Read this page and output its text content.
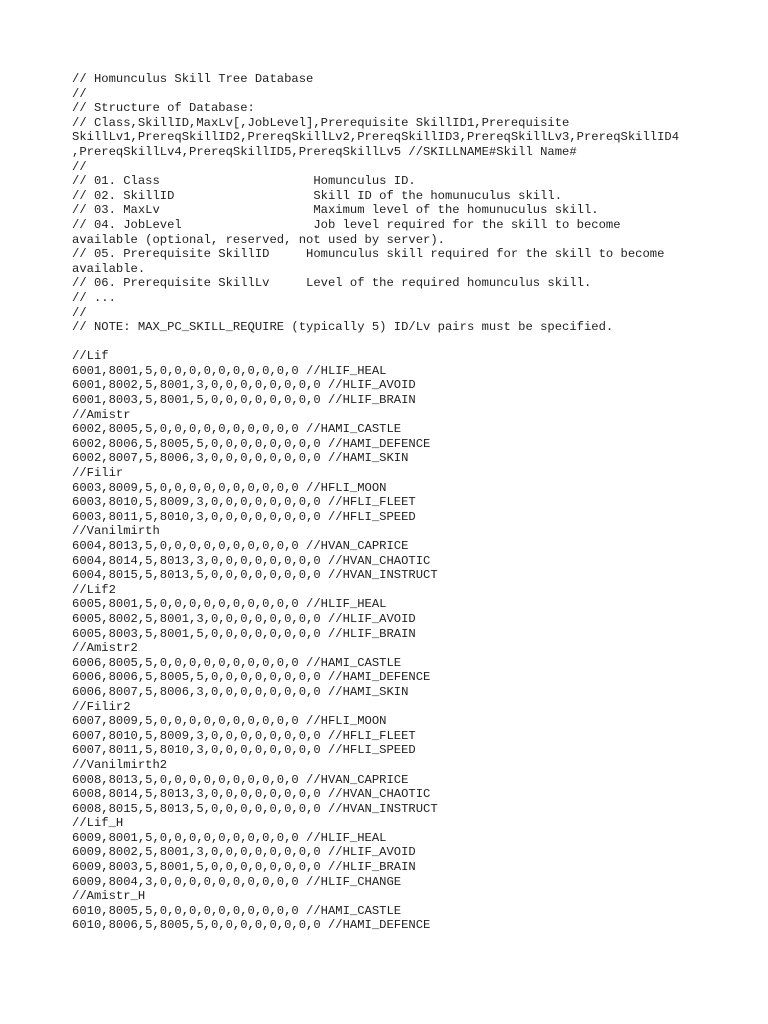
// Homunculus Skill Tree Database
//
// Structure of Database:
// Class,SkillID,MaxLv[,JobLevel],Prerequisite SkillID1,Prerequisite
SkillLv1,PrereqSkillID2,PrereqSkillLv2,PrereqSkillID3,PrereqSkillLv3,PrereqSkillID4
,PrereqSkillLv4,PrereqSkillID5,PrereqSkillLv5 //SKILLNAME#Skill Name#
//
// 01. Class                     Homunculus ID.
// 02. SkillID                   Skill ID of the homunuculus skill.
// 03. MaxLv                     Maximum level of the homunuculus skill.
// 04. JobLevel                  Job level required for the skill to become
available (optional, reserved, not used by server).
// 05. Prerequisite SkillID     Homunculus skill required for the skill to become
available.
// 06. Prerequisite SkillLv     Level of the required homunculus skill.
// ...
//
// NOTE: MAX_PC_SKILL_REQUIRE (typically 5) ID/Lv pairs must be specified.
//Lif
6001,8001,5,0,0,0,0,0,0,0,0,0,0 //HLIF_HEAL
6001,8002,5,8001,3,0,0,0,0,0,0,0,0 //HLIF_AVOID
6001,8003,5,8001,5,0,0,0,0,0,0,0,0 //HLIF_BRAIN
//Amistr
6002,8005,5,0,0,0,0,0,0,0,0,0,0 //HAMI_CASTLE
6002,8006,5,8005,5,0,0,0,0,0,0,0,0 //HAMI_DEFENCE
6002,8007,5,8006,3,0,0,0,0,0,0,0,0 //HAMI_SKIN
//Filir
6003,8009,5,0,0,0,0,0,0,0,0,0,0 //HFLI_MOON
6003,8010,5,8009,3,0,0,0,0,0,0,0,0 //HFLI_FLEET
6003,8011,5,8010,3,0,0,0,0,0,0,0,0 //HFLI_SPEED
//Vanilmirth
6004,8013,5,0,0,0,0,0,0,0,0,0,0 //HVAN_CAPRICE
6004,8014,5,8013,3,0,0,0,0,0,0,0,0 //HVAN_CHAOTIC
6004,8015,5,8013,5,0,0,0,0,0,0,0,0 //HVAN_INSTRUCT
//Lif2
6005,8001,5,0,0,0,0,0,0,0,0,0,0 //HLIF_HEAL
6005,8002,5,8001,3,0,0,0,0,0,0,0,0 //HLIF_AVOID
6005,8003,5,8001,5,0,0,0,0,0,0,0,0 //HLIF_BRAIN
//Amistr2
6006,8005,5,0,0,0,0,0,0,0,0,0,0 //HAMI_CASTLE
6006,8006,5,8005,5,0,0,0,0,0,0,0,0 //HAMI_DEFENCE
6006,8007,5,8006,3,0,0,0,0,0,0,0,0 //HAMI_SKIN
//Filir2
6007,8009,5,0,0,0,0,0,0,0,0,0,0 //HFLI_MOON
6007,8010,5,8009,3,0,0,0,0,0,0,0,0 //HFLI_FLEET
6007,8011,5,8010,3,0,0,0,0,0,0,0,0 //HFLI_SPEED
//Vanilmirth2
6008,8013,5,0,0,0,0,0,0,0,0,0,0 //HVAN_CAPRICE
6008,8014,5,8013,3,0,0,0,0,0,0,0,0 //HVAN_CHAOTIC
6008,8015,5,8013,5,0,0,0,0,0,0,0,0 //HVAN_INSTRUCT
//Lif_H
6009,8001,5,0,0,0,0,0,0,0,0,0,0 //HLIF_HEAL
6009,8002,5,8001,3,0,0,0,0,0,0,0,0 //HLIF_AVOID
6009,8003,5,8001,5,0,0,0,0,0,0,0,0 //HLIF_BRAIN
6009,8004,3,0,0,0,0,0,0,0,0,0,0 //HLIF_CHANGE
//Amistr_H
6010,8005,5,0,0,0,0,0,0,0,0,0,0 //HAMI_CASTLE
6010,8006,5,8005,5,0,0,0,0,0,0,0,0 //HAMI_DEFENCE
